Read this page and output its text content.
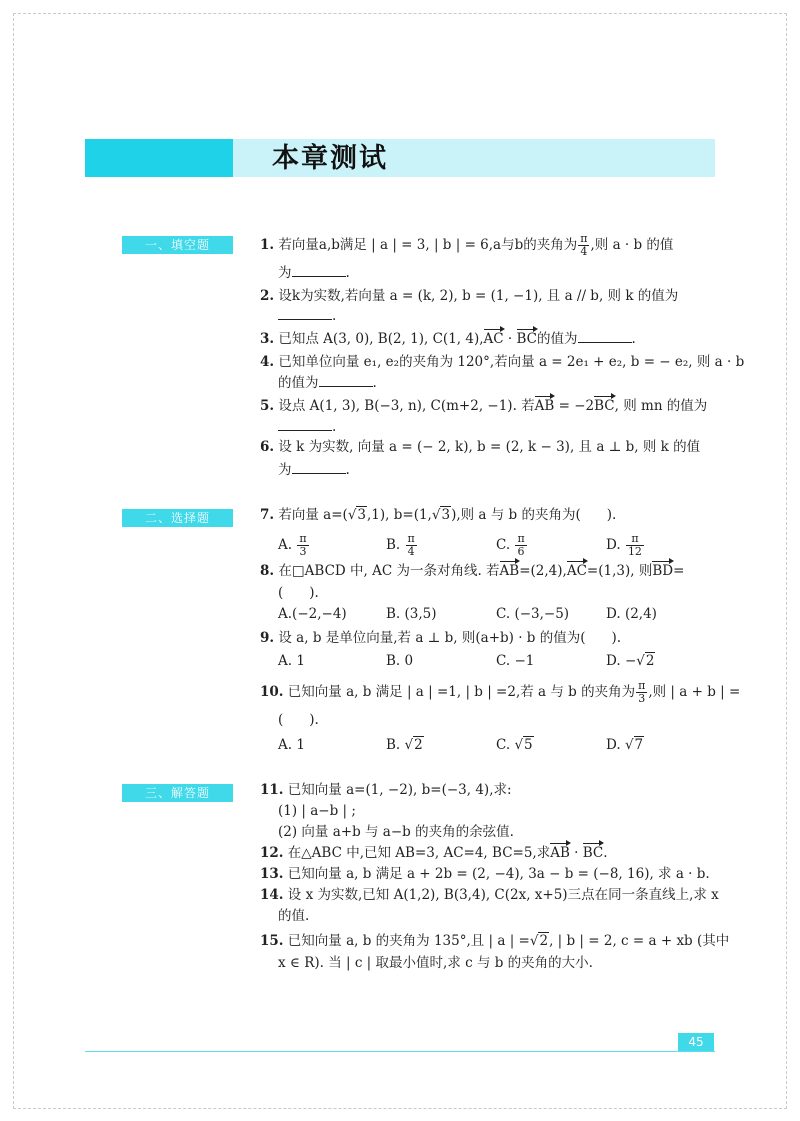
本章测试
一、填空题	1. 若向量a,b满足 | a | = 3, | b | = 6,a与b的夹角为 $\frac{\pi}{4}$ ,则 a · b 的值
为	.
2. 设k为实数,若向量 a = (k, 2), b = (1, −1), 且 a // b, 则 k 的值为
.
3. 已知点 A(3, 0), B(2, 1), C(1, 4),AC · BC的值为	.
4. 已知单位向量 e₁, e₂的夹角为 120°,若向量 a = 2e₁ + e₂, b = − e₂, 则 a · b
的值为	.
5. 设点 A(1, 3), B(−3, n), C(m+2, −1). 若AB = −2BC, 则 mn 的值为
.
6. 设 k 为实数, 向量 a = (− 2, k), b = (2, k − 3), 且 a ⊥ b, 则 k 的值
为	.
二、选择题	7. 若向量 a=(√3,1), b=(1,√3),则 a 与 b 的夹角为( ).
A. $\frac{\pi}{3}$	B. $\frac{\pi}{4}$	C. $\frac{\pi}{6}$	D. $\frac{\pi}{12}$
8. 在□ABCD 中, AC 为一条对角线. 若AB=(2,4),AC=(1,3), 则BD=
( ).
A.(−2,−4)	B. (3,5)	C. (−3,−5)	D. (2,4)
9. 设 a, b 是单位向量,若 a ⊥ b, 则(a+b) · b 的值为( ).
A. 1	B. 0	C. −1	D. −√2
10. 已知向量 a, b 满足 | a | =1, | b | =2,若 a 与 b 的夹角为 $\frac{\pi}{3}$ ,则 | a + b | =
( ).
A. 1	B. √2	C. √5	D. √7
三、解答题	11. 已知向量 a=(1, −2), b=(−3, 4),求:
(1) | a−b | ;
(2) 向量 a+b 与 a−b 的夹角的余弦值.
12. 在△ABC 中,已知 AB=3, AC=4, BC=5,求AB · BC.
13. 已知向量 a, b 满足 a + 2b = (2, −4), 3a − b = (−8, 16), 求 a · b.
14. 设 x 为实数,已知 A(1,2), B(3,4), C(2x, x+5)三点在同一条直线上,求 x
的值.
15. 已知向量 a, b 的夹角为 135°,且 | a | =√2, | b | = 2, c = a + xb (其中
x ∈ R). 当 | c | 取最小值时,求 c 与 b 的夹角的大小.
45
